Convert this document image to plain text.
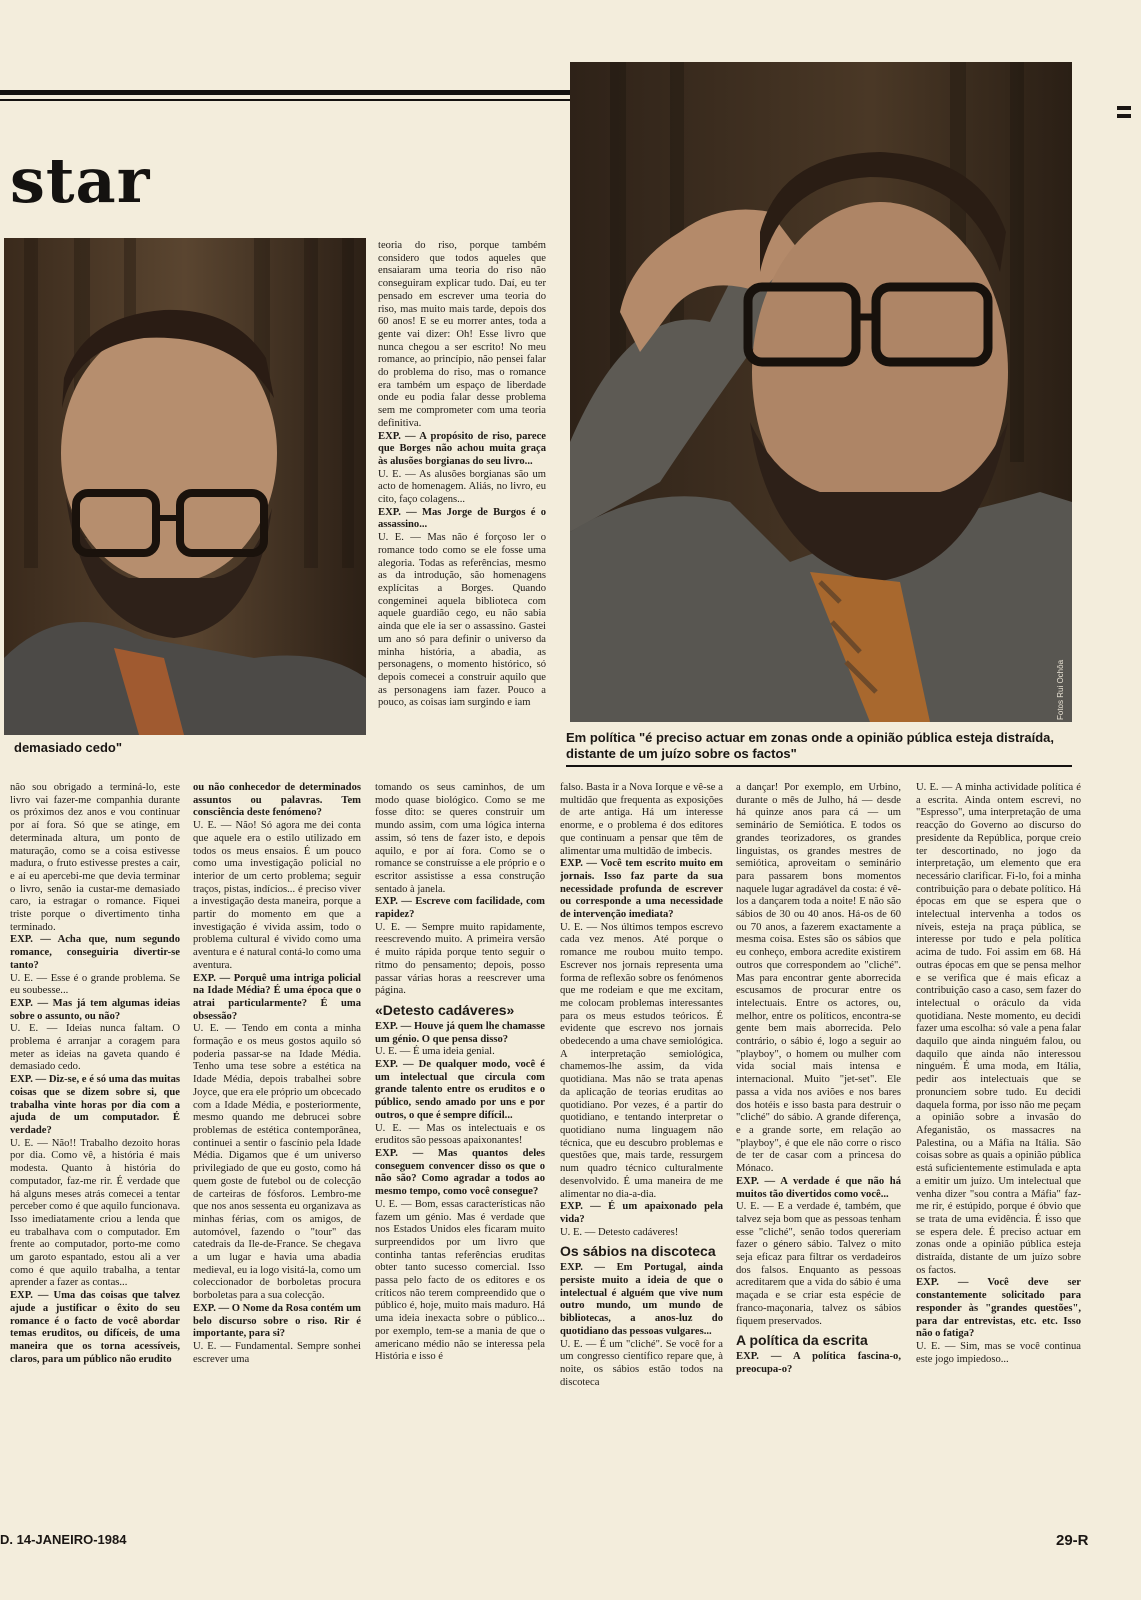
star
Fotos Rui Ochôa
demasiado cedo"
Em política "é preciso actuar em zonas onde a opinião pública esteja distraída, distante de um juízo sobre os factos"

teoria do riso, porque também considero que todos aqueles que ensaiaram uma teoria do riso não conseguiram explicar tudo. Daí, eu ter pensado em escrever uma teoria do riso, mas muito mais tarde, depois dos 60 anos! E se eu morrer antes, toda a gente vai dizer: Oh! Esse livro que nunca chegou a ser escrito! No meu romance, ao princípio, não pensei falar do problema do riso, mas o romance era também um espaço de liberdade onde eu podia falar desse problema sem me comprometer com uma teoria definitiva.

EXP. — A propósito de riso, parece que Borges não achou muita graça às alusões borgianas do seu livro...

U. E. — As alusões borgianas são um acto de homenagem. Aliás, no livro, eu cito, faço colagens...

EXP. — Mas Jorge de Burgos é o assassino...

U. E. — Mas não é forçoso ler o romance todo como se ele fosse uma alegoria. Todas as referências, mesmo as da introdução, são homenagens explícitas a Borges. Quando congeminei aquela biblioteca com aquele guardião cego, eu não sabia ainda que ele ia ser o assassino. Gastei um ano só para definir o universo da minha história, a abadia, as personagens, o momento histórico, só depois comecei a construir aquilo que as personagens iam fazer. Pouco a pouco, as coisas iam surgindo e iam

não sou obrigado a terminá-lo, este livro vai fazer-me companhia durante os próximos dez anos e vou continuar por aí fora. Só que se atinge, em determinada altura, um ponto de maturação, como se a coisa estivesse madura, o fruto estivesse prestes a cair, e aí eu apercebi-me que devia terminar o livro, senão ia custar-me demasiado caro, ia estragar o romance. Fiquei triste porque o divertimento tinha terminado.

EXP. — Acha que, num segundo romance, conseguiria divertir-se tanto?

U. E. — Esse é o grande problema. Se eu soubesse...

EXP. — Mas já tem algumas ideias sobre o assunto, ou não?

U. E. — Ideias nunca faltam. O problema é arranjar a coragem para meter as ideias na gaveta quando é demasiado cedo.

EXP. — Diz-se, e é só uma das muitas coisas que se dizem sobre si, que trabalha vinte horas por dia com a ajuda de um computador. É verdade?

U. E. — Não!! Trabalho dezoito horas por dia. Como vê, a história é mais modesta. Quanto à história do computador, faz-me rir. É verdade que há alguns meses atrás comecei a tentar perceber como é que aquilo funcionava. Isso imediatamente criou a lenda que eu trabalhava com o computador. Em frente ao computador, porto-me como um garoto espantado, estou ali a ver como é que aquilo trabalha, a tentar aprender a fazer as contas...

EXP. — Uma das coisas que talvez ajude a justificar o êxito do seu romance é o facto de você abordar temas eruditos, ou difíceis, de uma maneira que os torna acessíveis, claros, para um público não erudito

ou não conhecedor de determinados assuntos ou palavras. Tem consciência deste fenómeno?

U. E. — Não! Só agora me dei conta que aquele era o estilo utilizado em todos os meus ensaios. É um pouco como uma investigação policial no interior de um certo problema; seguir traços, pistas, indícios... é preciso viver a investigação desta maneira, porque a partir do momento em que a investigação é vivida assim, todo o problema cultural é vivido como uma aventura e é natural contá-lo como uma aventura.

EXP. — Porquê uma intriga policial na Idade Média? É uma época que o atrai particularmente? É uma obsessão?

U. E. — Tendo em conta a minha formação e os meus gostos aquilo só poderia passar-se na Idade Média. Tenho uma tese sobre a estética na Idade Média, depois trabalhei sobre Joyce, que era ele próprio um obcecado com a Idade Média, e posteriormente, mesmo quando me debrucei sobre problemas de estética contemporânea, continuei a sentir o fascínio pela Idade Média. Digamos que é um universo privilegiado de que eu gosto, como há quem goste de futebol ou de colecção de carteiras de fósforos. Lembro-me que nos anos sessenta eu organizava as minhas férias, com os amigos, de automóvel, fazendo o "tour" das catedrais da Ile-de-France. Se chegava a um lugar e havia uma abadia medieval, eu ia logo visitá-la, como um coleccionador de borboletas procura borboletas para a sua colecção.

EXP. — O Nome da Rosa contém um belo discurso sobre o riso. Rir é importante, para si?

U. E. — Fundamental. Sempre sonhei escrever uma

tomando os seus caminhos, de um modo quase biológico. Como se me fosse dito: se queres construir um mundo assim, com uma lógica interna assim, só tens de fazer isto, e depois aquilo, e por aí fora. Como se o romance se construísse a ele próprio e o escritor assistisse a essa construção sentado à janela.

EXP. — Escreve com facilidade, com rapidez?

U. E. — Sempre muito rapidamente, reescrevendo muito. A primeira versão é muito rápida porque tento seguir o ritmo do pensamento; depois, posso passar várias horas a reescrever uma página.

«Detesto cadáveres»

EXP. — Houve já quem lhe chamasse um génio. O que pensa disso?

U. E. — É uma ideia genial.

EXP. — De qualquer modo, você é um intelectual que circula com grande talento entre os eruditos e o público, sendo amado por uns e por outros, o que é sempre difícil...

U. E. — Mas os intelectuais e os eruditos são pessoas apaixonantes!

EXP. — Mas quantos deles conseguem convencer disso os que o não são? Como agradar a todos ao mesmo tempo, como você consegue?

U. E. — Bom, essas características não fazem um génio. Mas é verdade que nos Estados Unidos eles ficaram muito surpreendidos por um livro que continha tantas referências eruditas obter tanto sucesso comercial. Isso passa pelo facto de os editores e os críticos não terem compreendido que o público é, hoje, muito mais maduro. Há uma ideia inexacta sobre o público... por exemplo, tem-se a mania de que o americano médio não se interessa pela História e isso é

falso. Basta ir a Nova Iorque e vê-se a multidão que frequenta as exposições de arte antiga. Há um interesse enorme, e o problema é dos editores que continuam a pensar que têm de alimentar uma multidão de imbecis.

EXP. — Você tem escrito muito em jornais. Isso faz parte da sua necessidade profunda de escrever ou corresponde a uma necessidade de intervenção imediata?

U. E. — Nos últimos tempos escrevo cada vez menos. Até porque o romance me roubou muito tempo. Escrever nos jornais representa uma forma de reflexão sobre os fenómenos que me rodeiam e que me excitam, me colocam problemas interessantes para os meus estudos teóricos. É evidente que escrevo nos jornais obedecendo a uma chave semiológica. A interpretação semiológica, chamemos-lhe assim, da vida quotidiana. Mas não se trata apenas da aplicação de teorias eruditas ao quotidiano. Por vezes, é a partir do quotidiano, e tentando interpretar o quotidiano numa linguagem não técnica, que eu descubro problemas e questões que, mais tarde, ressurgem num quadro técnico culturalmente desenvolvido. É uma maneira de me alimentar no dia-a-dia.

EXP. — É um apaixonado pela vida?

U. E. — Detesto cadáveres!

Os sábios na discoteca

EXP. — Em Portugal, ainda persiste muito a ideia de que o intelectual é alguém que vive num outro mundo, um mundo de bibliotecas, a anos-luz do quotidiano das pessoas vulgares...

U. E. — É um "cliché". Se você for a um congresso científico repare que, à noite, os sábios estão todos na discoteca

a dançar! Por exemplo, em Urbino, durante o mês de Julho, há — desde há quinze anos para cá — um seminário de Semiótica. E todos os grandes teorizadores, os grandes linguistas, os grandes mestres de semiótica, aproveitam o seminário para passarem bons momentos naquele lugar agradável da costa: é vê-los a dançarem toda a noite! E não são sábios de 30 ou 40 anos. Há-os de 60 ou 70 anos, a fazerem exactamente a mesma coisa. Estes são os sábios que eu conheço, embora acredite existirem outros que correspondem ao "cliché". Mas para encontrar gente aborrecida escusamos de procurar entre os intelectuais. Entre os actores, ou, melhor, entre os políticos, encontra-se gente bem mais aborrecida. Pelo contrário, o sábio é, logo a seguir ao "playboy", o homem ou mulher com vida social mais intensa e internacional. Muito "jet-set". Ele passa a vida nos aviões e nos bares dos hotéis e isso basta para destruir o "cliché" do sábio. A grande diferença, e a grande sorte, em relação ao "playboy", é que ele não corre o risco de ter de casar com a princesa do Mónaco.

EXP. — A verdade é que não há muitos tão divertidos como você...

U. E. — E a verdade é, também, que talvez seja bom que as pessoas tenham esse "cliché", senão todos quereriam fazer o género sábio. Talvez o mito seja eficaz para filtrar os verdadeiros dos falsos. Enquanto as pessoas acreditarem que a vida do sábio é uma maçada e se criar esta espécie de franco-maçonaria, talvez os sábios fiquem preservados.

A política da escrita

EXP. — A política fascina-o, preocupa-o?

U. E. — A minha actividade política é a escrita. Ainda ontem escrevi, no "Espresso", uma interpretação de uma reacção do Governo ao discurso do presidente da República, porque creio ter descortinado, no jogo da interpretação, um elemento que era necessário clarificar. Fi-lo, foi a minha contribuição para o debate político. Há épocas em que se espera que o intelectual intervenha a todos os níveis, esteja na praça pública, se interesse por tudo e pela política acima de tudo. Foi assim em 68. Há outras épocas em que se pensa melhor e se verifica que é mais eficaz a contribuição caso a caso, sem fazer do intelectual o oráculo da vida quotidiana. Neste momento, eu decidi fazer uma escolha: só vale a pena falar daquilo que ainda ninguém falou, ou daquilo que ainda não interessou ninguém. É uma moda, em Itália, pedir aos intelectuais que se pronunciem sobre tudo. Eu decidi daquela forma, por isso não me peçam a opinião sobre a invasão do Afeganistão, os massacres na Palestina, ou a Máfia na Itália. São coisas sobre as quais a opinião pública está suficientemente estimulada e apta a emitir um juízo. Um intelectual que venha dizer "sou contra a Máfia" faz-me rir, é estúpido, porque é óbvio que se trata de uma evidência. É isso que se espera dele. É preciso actuar em zonas onde a opinião pública esteja distraída, distante de um juízo sobre os factos.

EXP. — Você deve ser constantemente solicitado para responder às "grandes questões", para dar entrevistas, etc. etc. Isso não o fatiga?

U. E. — Sim, mas se você continua este jogo impiedoso...

D. 14-JANEIRO-1984	29-R
